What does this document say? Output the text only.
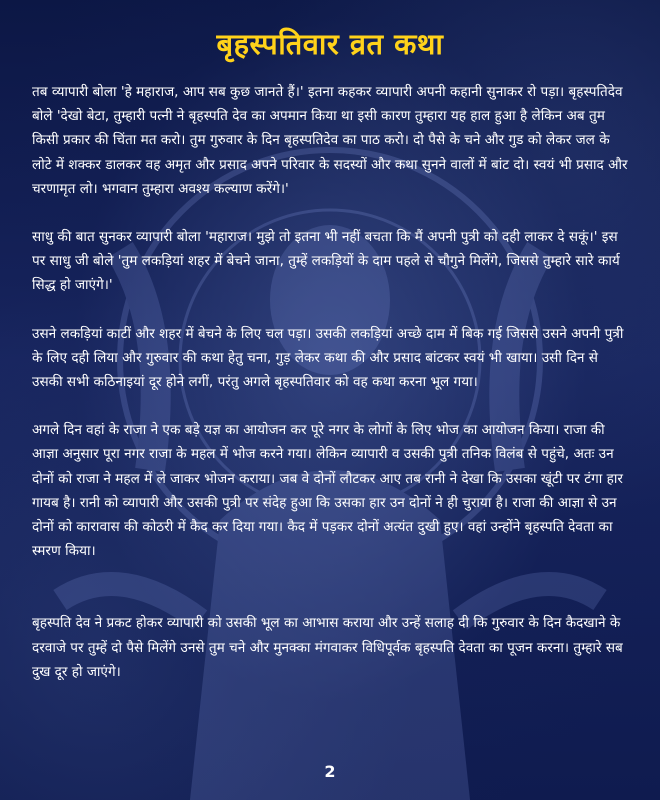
बृहस्पतिवार व्रत कथा

तब व्यापारी बोला 'हे महाराज, आप सब कुछ जानते हैं।' इतना कहकर व्यापारी अपनी कहानी सुनाकर रो पड़ा। बृहस्पतिदेव बोले 'देखो बेटा, तुम्हारी पत्नी ने बृहस्पति देव का अपमान किया था इसी कारण तुम्हारा यह हाल हुआ है लेकिन अब तुम किसी प्रकार की चिंता मत करो। तुम गुरुवार के दिन बृहस्पतिदेव का पाठ करो। दो पैसे के चने और गुड को लेकर जल के लोटे में शक्कर डालकर वह अमृत और प्रसाद अपने परिवार के सदस्यों और कथा सुनने वालों में बांट दो। स्वयं भी प्रसाद और चरणामृत लो। भगवान तुम्हारा अवश्य कल्याण करेंगे।'

साधु की बात सुनकर व्यापारी बोला 'महाराज। मुझे तो इतना भी नहीं बचता कि मैं अपनी पुत्री को दही लाकर दे सकूं।' इस पर साधु जी बोले 'तुम लकड़ियां शहर में बेचने जाना, तुम्हें लकड़ियों के दाम पहले से चौगुने मिलेंगे, जिससे तुम्हारे सारे कार्य सिद्ध हो जाएंगे।'

उसने लकड़ियां काटीं और शहर में बेचने के लिए चल पड़ा। उसकी लकड़ियां अच्छे दाम में बिक गई जिससे उसने अपनी पुत्री के लिए दही लिया और गुरुवार की कथा हेतु चना, गुड़ लेकर कथा की और प्रसाद बांटकर स्वयं भी खाया। उसी दिन से उसकी सभी कठिनाइयां दूर होने लगीं, परंतु अगले बृहस्पतिवार को वह कथा करना भूल गया।

अगले दिन वहां के राजा ने एक बड़े यज्ञ का आयोजन कर पूरे नगर के लोगों के लिए भोज का आयोजन किया। राजा की आज्ञा अनुसार पूरा नगर राजा के महल में भोज करने गया। लेकिन व्यापारी व उसकी पुत्री तनिक विलंब से पहुंचे, अतः उन दोनों को राजा ने महल में ले जाकर भोजन कराया। जब वे दोनों लौटकर आए तब रानी ने देखा कि उसका खूंटी पर टंगा हार गायब है। रानी को व्यापारी और उसकी पुत्री पर संदेह हुआ कि उसका हार उन दोनों ने ही चुराया है। राजा की आज्ञा से उन दोनों को कारावास की कोठरी में कैद कर दिया गया। कैद में पड़कर दोनों अत्यंत दुखी हुए। वहां उन्होंने बृहस्पति देवता का स्मरण किया।

बृहस्पति देव ने प्रकट होकर व्यापारी को उसकी भूल का आभास कराया और उन्हें सलाह दी कि गुरुवार के दिन कैदखाने के दरवाजे पर तुम्हें दो पैसे मिलेंगे उनसे तुम चने और मुनक्का मंगवाकर विधिपूर्वक बृहस्पति देवता का पूजन करना। तुम्हारे सब दुख दूर हो जाएंगे।

2
